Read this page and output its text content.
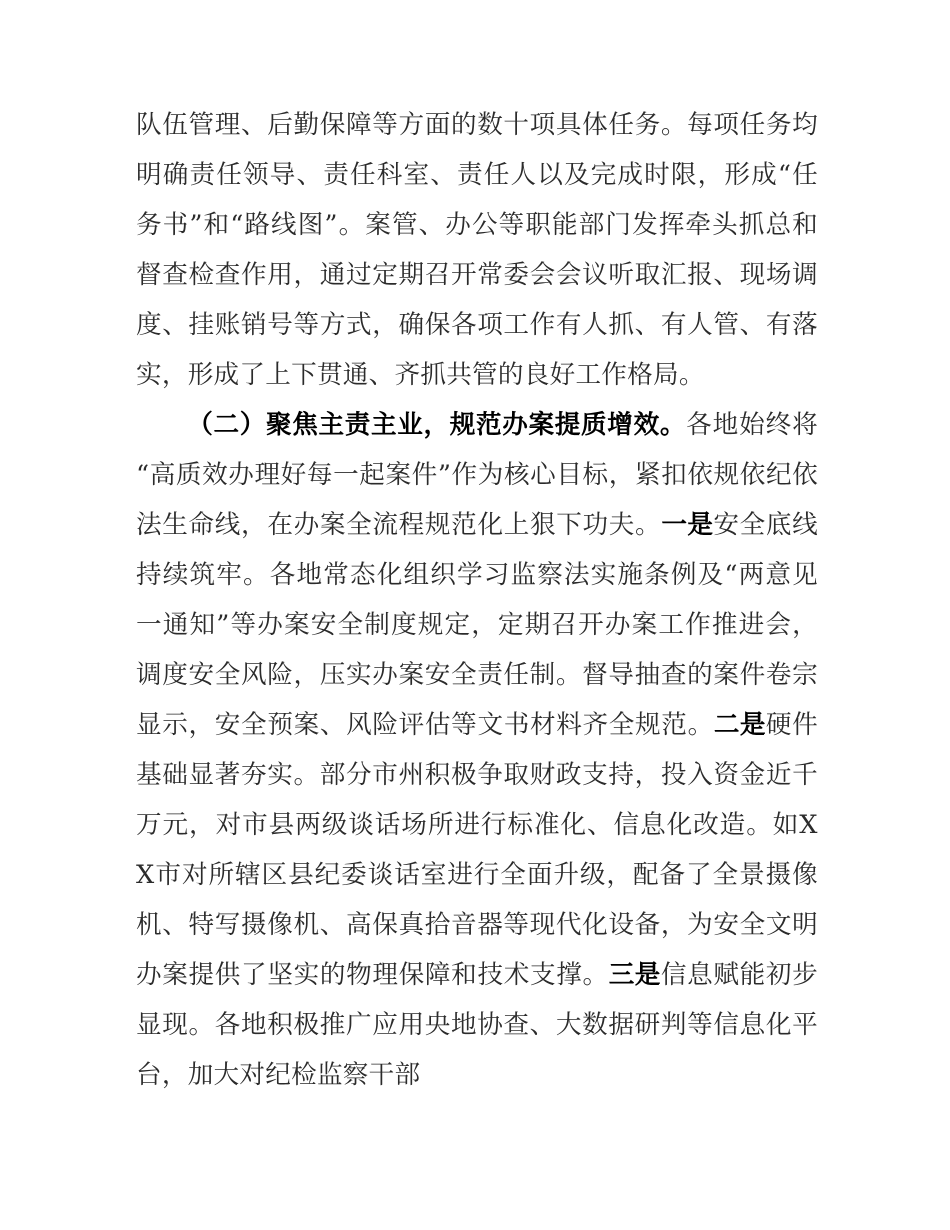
队伍管理、后勤保障等方面的数十项具体任务。每项任务均明确责任领导、责任科室、责任人以及完成时限，形成“任务书”和“路线图”。案管、办公等职能部门发挥牵头抓总和督查检查作用，通过定期召开常委会会议听取汇报、现场调度、挂账销号等方式，确保各项工作有人抓、有人管、有落实，形成了上下贯通、齐抓共管的良好工作格局。

（二）聚焦主责主业，规范办案提质增效。各地始终将“高质效办理好每一起案件”作为核心目标，紧扣依规依纪依法生命线，在办案全流程规范化上狠下功夫。一是安全底线持续筑牢。各地常态化组织学习监察法实施条例及“两意见一通知”等办案安全制度规定，定期召开办案工作推进会，调度安全风险，压实办案安全责任制。督导抽查的案件卷宗显示，安全预案、风险评估等文书材料齐全规范。二是硬件基础显著夯实。部分市州积极争取财政支持，投入资金近千万元，对市县两级谈话场所进行标准化、信息化改造。如XX市对所辖区县纪委谈话室进行全面升级，配备了全景摄像机、特写摄像机、高保真拾音器等现代化设备，为安全文明办案提供了坚实的物理保障和技术支撑。三是信息赋能初步显现。各地积极推广应用央地协查、大数据研判等信息化平台，加大对纪检监察干部
